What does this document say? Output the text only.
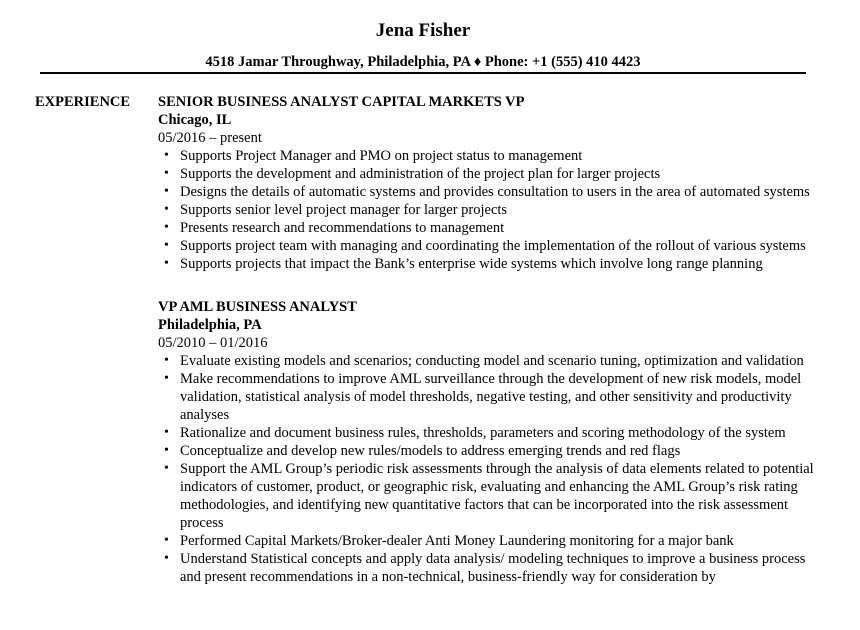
Jena Fisher
4518 Jamar Throughway, Philadelphia, PA ♦ Phone: +1 (555) 410 4423
EXPERIENCE SENIOR BUSINESS ANALYST CAPITAL MARKETS VP
Chicago, IL
05/2016 – present
• Supports Project Manager and PMO on project status to management
• Supports the development and administration of the project plan for larger projects
• Designs the details of automatic systems and provides consultation to users in the area of automated systems
• Supports senior level project manager for larger projects
• Presents research and recommendations to management
• Supports project team with managing and coordinating the implementation of the rollout of various systems
• Supports projects that impact the Bank’s enterprise wide systems which involve long range planning
VP AML BUSINESS ANALYST
Philadelphia, PA
05/2010 – 01/2016
• Evaluate existing models and scenarios; conducting model and scenario tuning, optimization and validation
• Make recommendations to improve AML surveillance through the development of new risk models, model validation, statistical analysis of model thresholds, negative testing, and other sensitivity and productivity analyses
• Rationalize and document business rules, thresholds, parameters and scoring methodology of the system
• Conceptualize and develop new rules/models to address emerging trends and red flags
• Support the AML Group’s periodic risk assessments through the analysis of data elements related to potential indicators of customer, product, or geographic risk, evaluating and enhancing the AML Group’s risk rating methodologies, and identifying new quantitative factors that can be incorporated into the risk assessment process
• Performed Capital Markets/Broker-dealer Anti Money Laundering monitoring for a major bank
• Understand Statistical concepts and apply data analysis/ modeling techniques to improve a business process and present recommendations in a non-technical, business-friendly way for consideration by
